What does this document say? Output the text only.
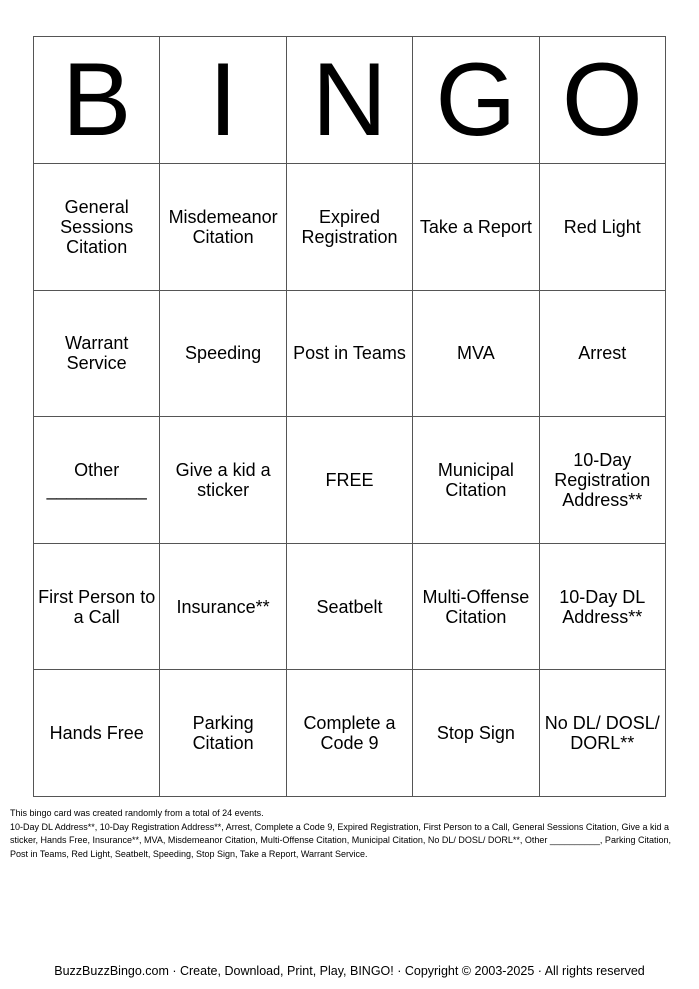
B	I	N	G	O
General Sessions Citation	Misdemeanor Citation	Expired Registration	Take a Report	Red Light
Warrant Service	Speeding	Post in Teams	MVA	Arrest
Other __________	Give a kid a sticker	FREE	Municipal Citation	10-Day Registration Address**
First Person to a Call	Insurance**	Seatbelt	Multi-Offense Citation	10-Day DL Address**
Hands Free	Parking Citation	Complete a Code 9	Stop Sign	No DL/ DOSL/ DORL**
This bingo card was created randomly from a total of 24 events.
10-Day DL Address**, 10-Day Registration Address**, Arrest, Complete a Code 9, Expired Registration, First Person to a Call, General Sessions Citation, Give a kid a sticker, Hands Free, Insurance**, MVA, Misdemeanor Citation, Multi-Offense Citation, Municipal Citation, No DL/ DOSL/ DORL**, Other __________, Parking Citation, Post in Teams, Red Light, Seatbelt, Speeding, Stop Sign, Take a Report, Warrant Service.
BuzzBuzzBingo.com · Create, Download, Print, Play, BINGO! · Copyright © 2003-2025 · All rights reserved
